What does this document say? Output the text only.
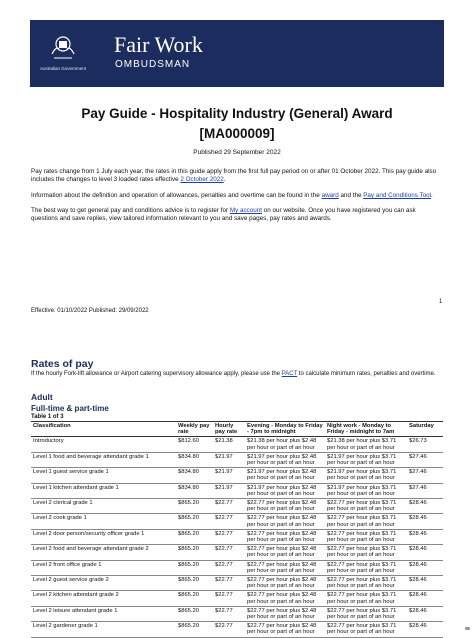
Australian Government
Fair Work
OMBUDSMAN
Pay Guide - Hospitality Industry (General) Award
[MA000009]
Published 29 September 2022

Pay rates change from 1 July each year, the rates in this guide apply from the first full pay period on or after 01 October 2022. This pay guide also includes the changes to level 3 loaded rates effective 2 October 2022.

Information about the definition and operation of allowances, penalties and overtime can be found in the award and the Pay and Conditions Tool.

The best way to get general pay and conditions advice is to register for My account on our website. Once you have registered you can ask questions and save replies, view tailored information relevant to you and save pages, pay rates and awards.

1
Effective: 01/10/2022 Published: 29/09/2022
Rates of pay

If the hourly Fork-lift allowance or Airport catering supervisory allowance apply, please use the PACT to calculate minimum rates, penalties and overtime.

Adult
Full-time & part-time
Table 1 of 3
Classification	Weekly pay rate	Hourly pay rate	Evening - Monday to Friday - 7pm to midnight	Night work - Monday to Friday - midnight to 7am	Saturday
Introductory	$812.60	$21.38	$21.38 per hour plus $2.48 per hour or part of an hour	$21.38 per hour plus $3.71 per hour or part of an hour	$26.73
Level 1 food and beverage attendant grade 1	$834.80	$21.97	$21.97 per hour plus $2.48 per hour or part of an hour	$21.97 per hour plus $3.71 per hour or part of an hour	$27.46
Level 1 guest service grade 1	$834.80	$21.97	$21.97 per hour plus $2.48 per hour or part of an hour	$21.97 per hour plus $3.71 per hour or part of an hour	$27.46
Level 1 kitchen attendant grade 1	$834.80	$21.97	$21.97 per hour plus $2.48 per hour or part of an hour	$21.97 per hour plus $3.71 per hour or part of an hour	$27.46
Level 2 clerical grade 1	$865.20	$22.77	$22.77 per hour plus $2.48 per hour or part of an hour	$22.77 per hour plus $3.71 per hour or part of an hour	$28.46
Level 2 cook grade 1	$865.20	$22.77	$22.77 per hour plus $2.48 per hour or part of an hour	$22.77 per hour plus $3.71 per hour or part of an hour	$28.46
Level 2 door person/security officer grade 1	$865.20	$22.77	$22.77 per hour plus $2.48 per hour or part of an hour	$22.77 per hour plus $3.71 per hour or part of an hour	$28.46
Level 2 food and beverage attendant grade 2	$865.20	$22.77	$22.77 per hour plus $2.48 per hour or part of an hour	$22.77 per hour plus $3.71 per hour or part of an hour	$28.46
Level 2 front office grade 1	$865.20	$22.77	$22.77 per hour plus $2.48 per hour or part of an hour	$22.77 per hour plus $3.71 per hour or part of an hour	$28.46
Level 2 guest service grade 2	$865.20	$22.77	$22.77 per hour plus $2.48 per hour or part of an hour	$22.77 per hour plus $3.71 per hour or part of an hour	$28.46
Level 2 kitchen attendant grade 2	$865.20	$22.77	$22.77 per hour plus $2.48 per hour or part of an hour	$22.77 per hour plus $3.71 per hour or part of an hour	$28.46
Level 2 leisure attendant grade 1	$865.20	$22.77	$22.77 per hour plus $2.48 per hour or part of an hour	$22.77 per hour plus $3.71 per hour or part of an hour	$28.46
Level 2 gardener grade 1	$865.20	$22.77	$22.77 per hour plus $2.48 per hour or part of an hour	$22.77 per hour plus $3.71 per hour or part of an hour	$28.46
